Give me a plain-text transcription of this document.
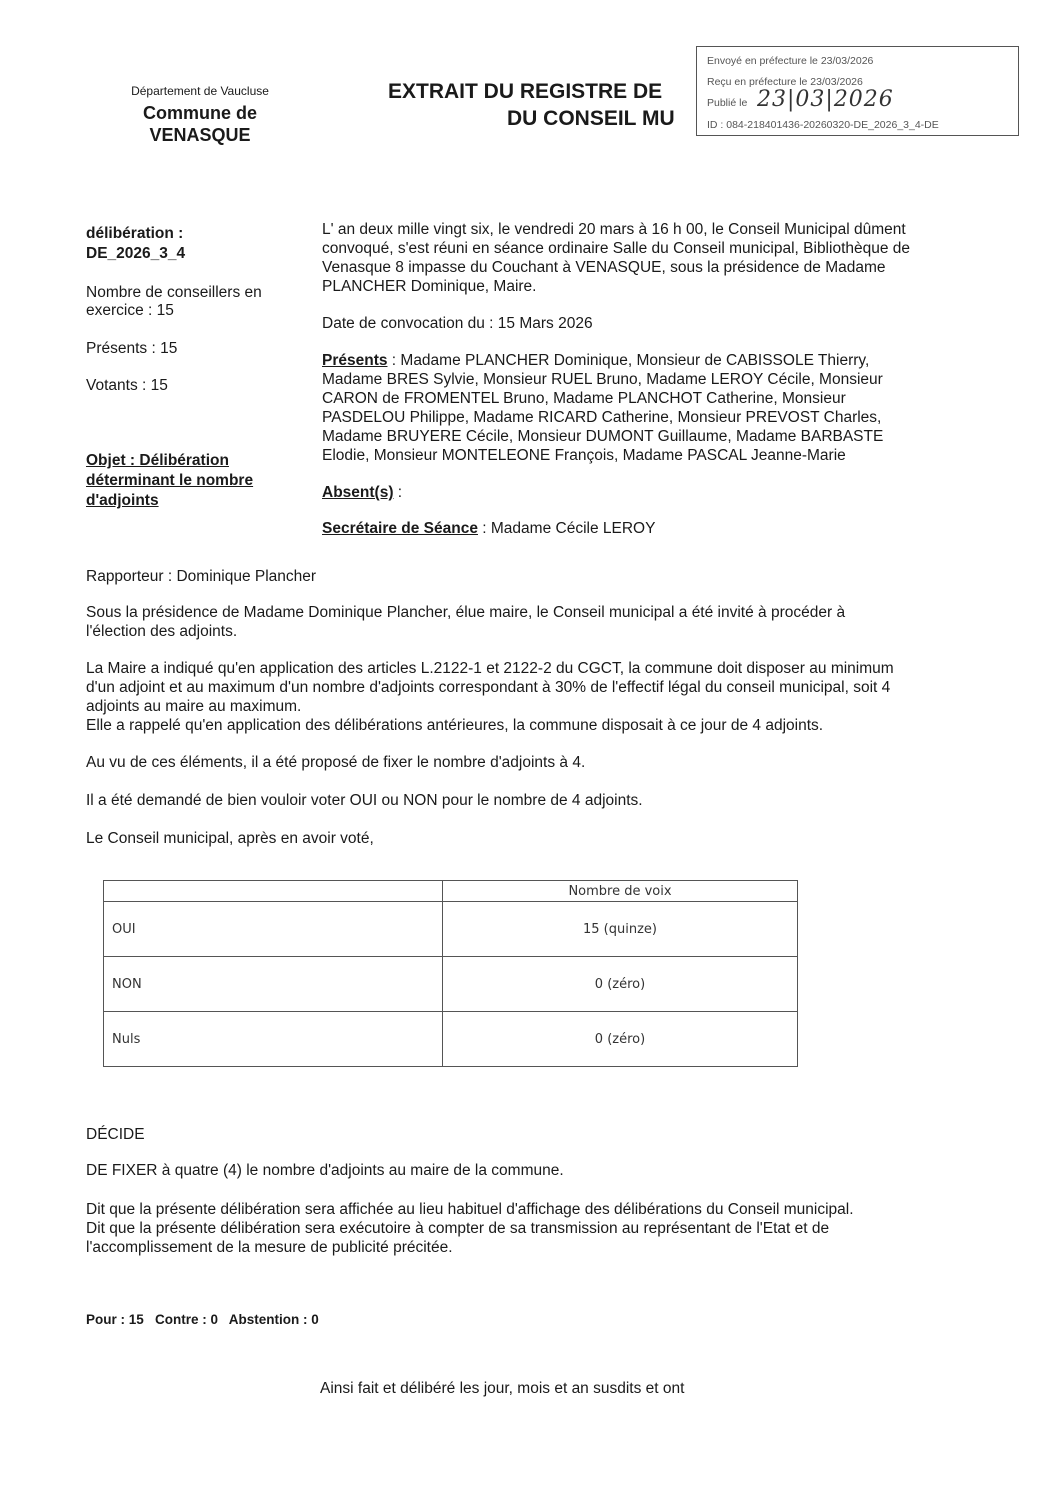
Département de Vaucluse
Commune de
VENASQUE
EXTRAIT DU REGISTRE DE
DU CONSEIL MU
Envoyé en préfecture le 23/03/2026
Reçu en préfecture le 23/03/2026
Publié le 23|03|2026
ID : 084-218401436-20260320-DE_2026_3_4-DE
délibération :
DE_2026_3_4
Nombre de conseillers en
exercice : 15
Présents : 15
Votants : 15
Objet : Délibération
déterminant le nombre
d'adjoints
L' an deux mille vingt six, le vendredi 20 mars à 16 h 00, le Conseil Municipal dûment
convoqué, s'est réuni en séance ordinaire Salle du Conseil municipal, Bibliothèque de
Venasque 8 impasse du Couchant à VENASQUE, sous la présidence de Madame
PLANCHER Dominique, Maire.
Date de convocation du : 15 Mars 2026
Présents : Madame PLANCHER Dominique, Monsieur de CABISSOLE Thierry,
Madame BRES Sylvie, Monsieur RUEL Bruno, Madame LEROY Cécile, Monsieur
CARON de FROMENTEL Bruno, Madame PLANCHOT Catherine, Monsieur
PASDELOU Philippe, Madame RICARD Catherine, Monsieur PREVOST Charles,
Madame BRUYERE Cécile, Monsieur DUMONT Guillaume, Madame BARBASTE
Elodie, Monsieur MONTELEONE François, Madame PASCAL Jeanne-Marie
Absent(s) :
Secrétaire de Séance : Madame Cécile LEROY
Rapporteur : Dominique Plancher
Sous la présidence de Madame Dominique Plancher, élue maire, le Conseil municipal a été invité à procéder à
l'élection des adjoints.
La Maire a indiqué qu'en application des articles L.2122-1 et 2122-2 du CGCT, la commune doit disposer au minimum
d'un adjoint et au maximum d'un nombre d'adjoints correspondant à 30% de l'effectif légal du conseil municipal, soit 4
adjoints au maire au maximum.
Elle a rappelé qu'en application des délibérations antérieures, la commune disposait à ce jour de 4 adjoints.
Au vu de ces éléments, il a été proposé de fixer le nombre d'adjoints à 4.
Il a été demandé de bien vouloir voter OUI ou NON pour le nombre de 4 adjoints.
Le Conseil municipal, après en avoir voté,
	Nombre de voix
OUI	15 (quinze)
NON	0 (zéro)
Nuls	0 (zéro)
DÉCIDE
DE FIXER à quatre (4) le nombre d'adjoints au maire de la commune.
Dit que la présente délibération sera affichée au lieu habituel d'affichage des délibérations du Conseil municipal.
Dit que la présente délibération sera exécutoire à compter de sa transmission au représentant de l'Etat et de
l'accomplissement de la mesure de publicité précitée.
Pour : 15   Contre : 0   Abstention : 0
Ainsi fait et délibéré les jour, mois et an susdits et ont
